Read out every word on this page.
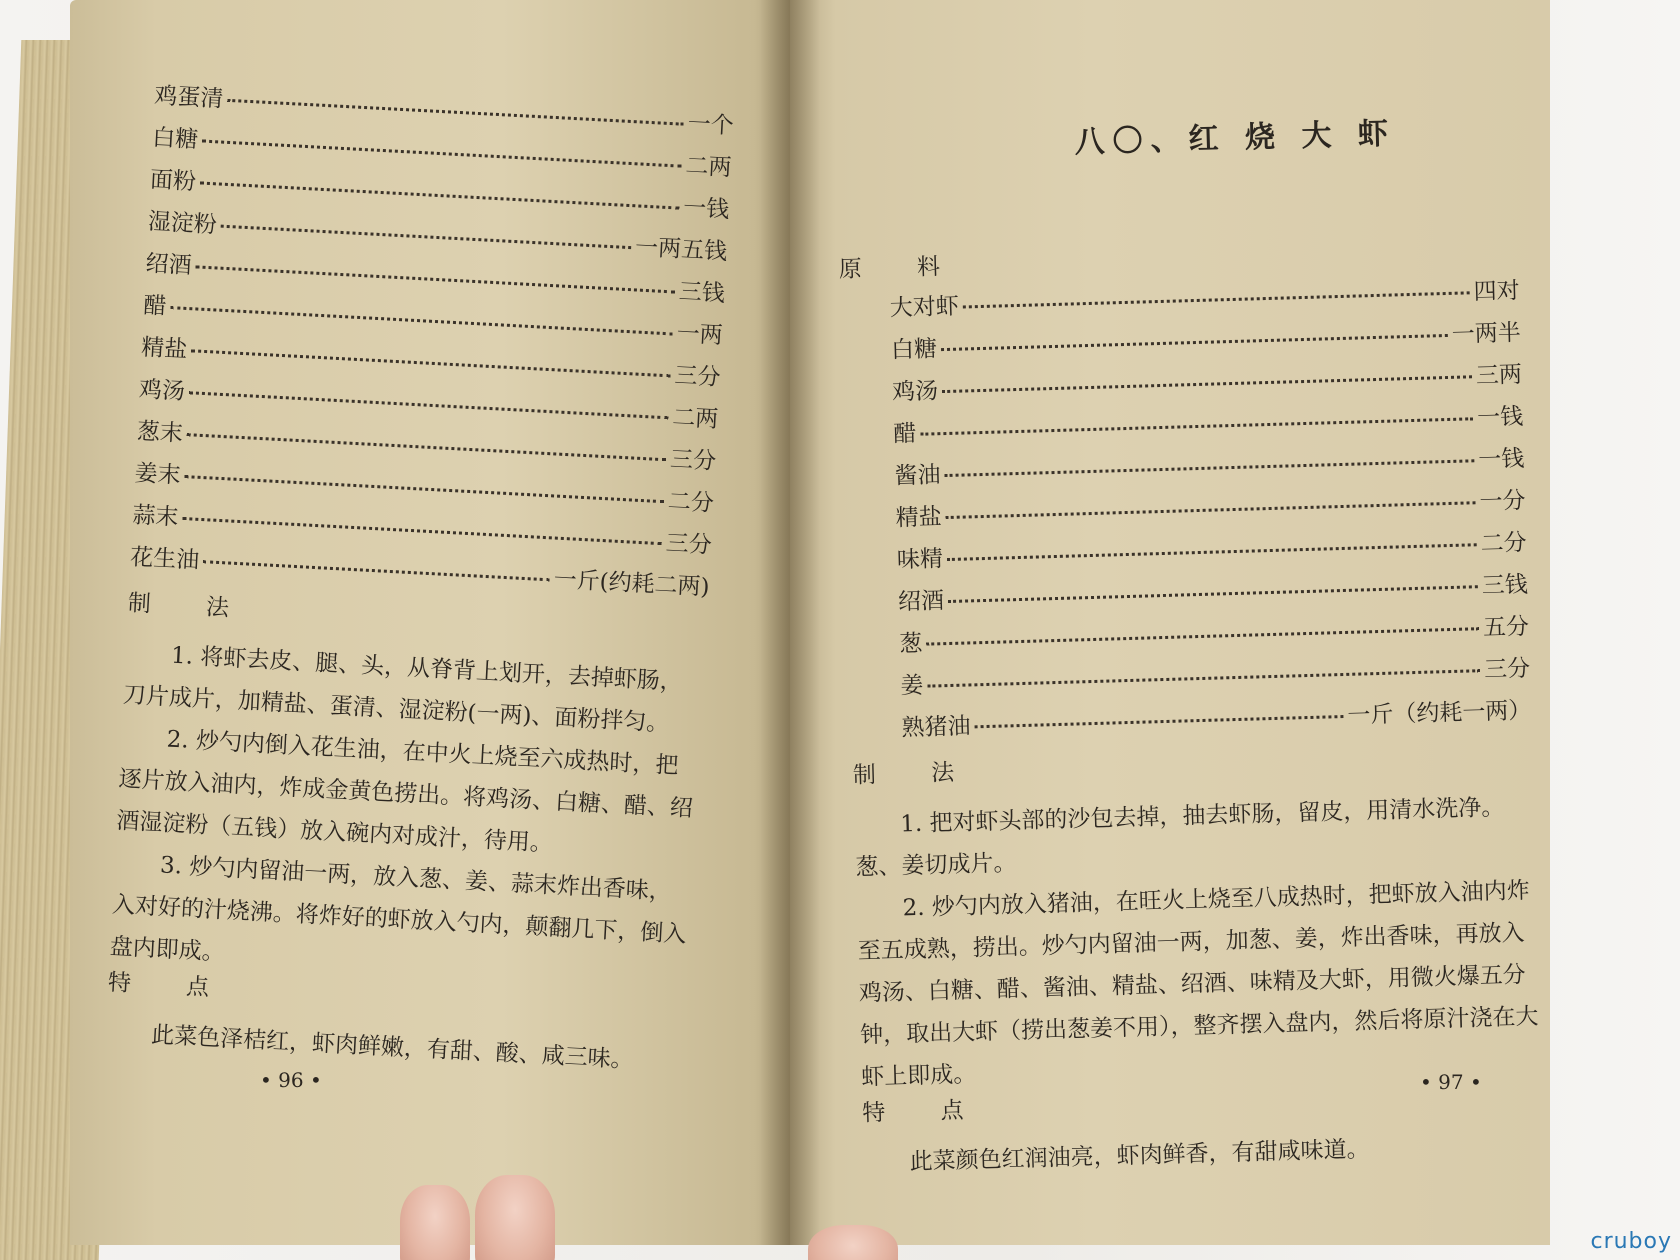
鸡蛋清
一个
白糖
二两
面粉
一钱
湿淀粉
一两五钱
绍酒
三钱
醋
一两
精盐
三分
鸡汤
二两
葱末
三分
姜末
二分
蒜末
三分
花生油
一斤(约耗二两)
制 法

1. 将虾去皮、腿、头，从脊背上划开，去掉虾肠，刀片成片，加精盐、蛋清、湿淀粉(一两)、面粉拌匀。

2. 炒勺内倒入花生油，在中火上烧至六成热时，把逐片放入油内，炸成金黄色捞出。将鸡汤、白糖、醋、绍酒湿淀粉（五钱）放入碗内对成汁，待用。

3. 炒勺内留油一两，放入葱、姜、蒜末炸出香味，入对好的汁烧沸。将炸好的虾放入勺内，颠翻几下，倒入盘内即成。

特 点

此菜色泽桔红，虾肉鲜嫩，有甜、酸、咸三味。

• 96 •
八〇、红 烧 大 虾
原 料
大对虾
四对
白糖
一两半
鸡汤
三两
醋
一钱
酱油
一钱
精盐
一分
味精
二分
绍酒
三钱
葱
五分
姜
三分
熟猪油	一斤（约耗一两）
制 法

1. 把对虾头部的沙包去掉，抽去虾肠，留皮，用清水洗净。葱、姜切成片。

2. 炒勺内放入猪油，在旺火上烧至八成热时，把虾放入油内炸至五成熟，捞出。炒勺内留油一两，加葱、姜，炸出香味，再放入鸡汤、白糖、醋、酱油、精盐、绍酒、味精及大虾，用微火爆五分钟，取出大虾（捞出葱姜不用），整齐摆入盘内，然后将原汁浇在大虾上即成。

特 点

此菜颜色红润油亮，虾肉鲜香，有甜咸味道。

• 97 •
cruboy
